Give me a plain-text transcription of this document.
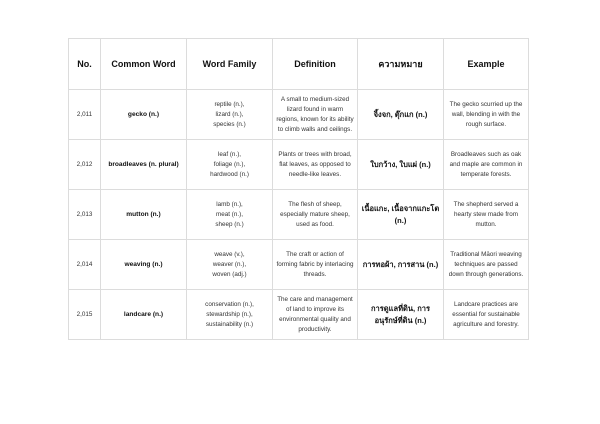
No.	Common Word	Word Family	Definition	ความหมาย	Example
2,011	gecko (n.)	reptile (n.),
lizard (n.),
species (n.)	A small to medium-sized lizard found in warm regions, known for its ability to climb walls and ceilings.	จิ้งจก, ตุ๊กแก (n.)	The gecko scurried up the wall, blending in with the rough surface.
2,012	broadleaves (n. plural)	leaf (n.),
foliage (n.),
hardwood (n.)	Plants or trees with broad, flat leaves, as opposed to needle-like leaves.	ใบกว้าง, ใบแผ่ (n.)	Broadleaves such as oak and maple are common in temperate forests.
2,013	mutton (n.)	lamb (n.),
meat (n.),
sheep (n.)	The flesh of sheep, especially mature sheep, used as food.	เนื้อแกะ, เนื้อจากแกะโต (n.)	The shepherd served a hearty stew made from mutton.
2,014	weaving (n.)	weave (v.),
weaver (n.),
woven (adj.)	The craft or action of forming fabric by interlacing threads.	การทอผ้า, การสาน (n.)	Traditional Māori weaving techniques are passed down through generations.
2,015	landcare (n.)	conservation (n.),
stewardship (n.),
sustainability (n.)	The care and management of land to improve its environmental quality and productivity.	การดูแลที่ดิน, การอนุรักษ์ที่ดิน (n.)	Landcare practices are essential for sustainable agriculture and forestry.
